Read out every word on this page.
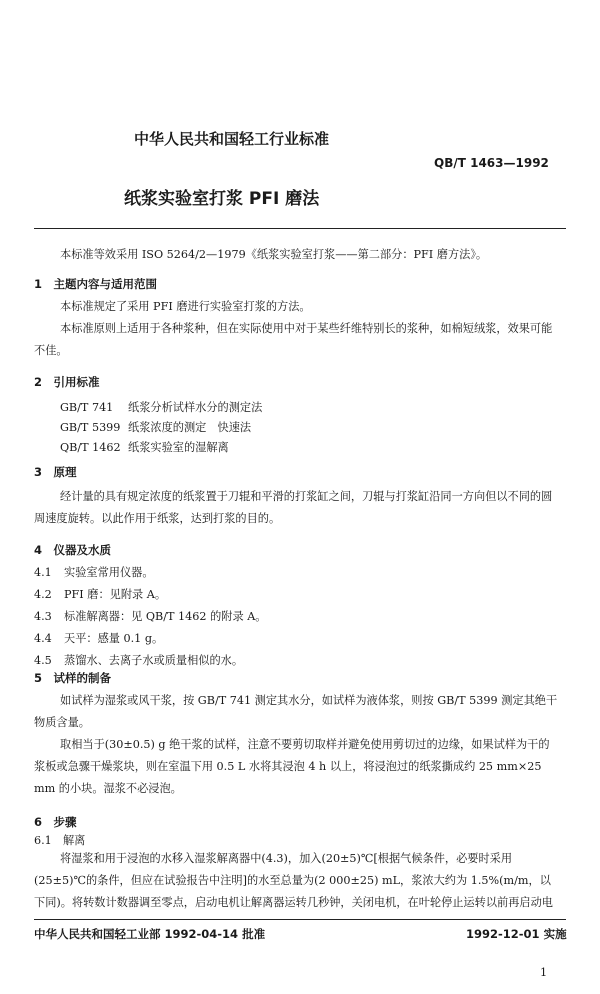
中华人民共和国轻工行业标准
QB/T 1463—1992
纸浆实验室打浆 PFI 磨法
本标准等效采用 ISO 5264/2—1979《纸浆实验室打浆——第二部分：PFI 磨方法》。
1　主题内容与适用范围
本标准规定了采用 PFI 磨进行实验室打浆的方法。
本标准原则上适用于各种浆种，但在实际使用中对于某些纤维特别长的浆种，如棉短绒浆，效果可能不佳。
2　引用标准
GB/T 741 纸浆分析试样水分的测定法
GB/T 5399 纸浆浓度的测定　快速法
QB/T 1462 纸浆实验室的湿解离
3　原理
经计量的具有规定浓度的纸浆置于刀辊和平滑的打浆缸之间，刀辊与打浆缸沿同一方向但以不同的圆周速度旋转。以此作用于纸浆，达到打浆的目的。
4　仪器及水质
4.1 实验室常用仪器。
4.2 PFI 磨：见附录 A。
4.3 标准解离器：见 QB/T 1462 的附录 A。
4.4 天平：感量 0.1 g。
4.5 蒸馏水、去离子水或质量相似的水。
5　试样的制备
如试样为湿浆或风干浆，按 GB/T 741 测定其水分，如试样为液体浆，则按 GB/T 5399 测定其绝干物质含量。
取相当于(30±0.5) g 绝干浆的试样，注意不要剪切取样并避免使用剪切过的边缘，如果试样为干的浆板或急骤干燥浆块，则在室温下用 0.5 L 水将其浸泡 4 h 以上，将浸泡过的纸浆撕成约 25 mm×25 mm 的小块。湿浆不必浸泡。
6　步骤
6.1　解离
将湿浆和用于浸泡的水移入湿浆解离器中(4.3)，加入(20±5)℃[根据气候条件，必要时采用(25±5)℃的条件，但应在试验报告中注明]的水至总量为(2 000±25) mL，浆浓大约为 1.5%(m/m，以下同)。将转数计数器调至零点，启动电机让解离器运转几秒钟，关闭电机，在叶轮停止运转以前再启动电
中华人民共和国轻工业部 1992-04-14 批准	1992-12-01 实施
1
